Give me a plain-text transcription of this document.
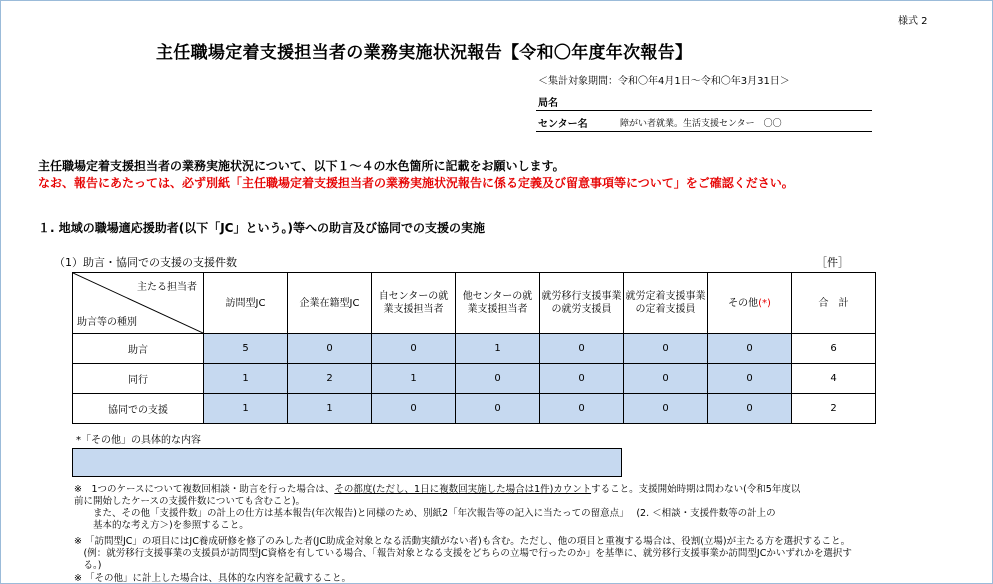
様式 2
主任職場定着支援担当者の業務実施状況報告【令和〇年度年次報告】
＜集計対象期間：令和〇年4月1日～令和〇年3月31日＞
局名
センター名	障がい者就業。生活支援センター　〇〇
主任職場定着支援担当者の業務実施状況について、以下１～４の水色箇所に記載をお願いします。
なお、報告にあたっては、必ず別紙「主任職場定着支援担当者の業務実施状況報告に係る定義及び留意事項等について」をご確認ください。
１. 地域の職場適応援助者(以下「JC」という。)等への助言及び協同での支援の実施
（1）助言・協同での支援の支援件数	［件］
主たる担当者
助言等の種別	訪問型JC	企業在籍型JC	自センターの就業支援担当者	他センターの就業支援担当者	就労移行支援事業の就労支援員	就労定着支援事業の定着支援員	その他(*)	合　計
助言	5	0	0	1	0	0	0	6
同行	1	2	1	0	0	0	0	4
協同での支援	1	1	0	0	0	0	0	2
*「その他」の具体的な内容
※　1つのケースについて複数回相談・助言を行った場合は、その都度(ただし、1日に複数回実施した場合は1件)カウントすること。支援開始時期は問わない(令和5年度以
前に開始したケースの支援件数についても含むこと)。
　　また、その他「支援件数」の計上の仕方は基本報告(年次報告)と同様のため、別紙2「年次報告等の記入に当たっての留意点」　 (2. ＜相談・支援件数等の計上の
　　基本的な考え方＞)を参照すること。
※ 「訪問型JC」の項目にはJC養成研修を修了のみした者(JC助成金対象となる活動実績がない者)も含む。ただし、他の項目と重複する場合は、役割(立場)が主たる方を選択すること。
　(例：就労移行支援事業の支援員が訪問型JC資格を有している場合、「報告対象となる支援をどちらの立場で行ったのか」を基準に、就労移行支援事業か訪問型JCかいずれかを選択す
　る。)
※ 「その他」に計上した場合は、具体的な内容を記載すること。
